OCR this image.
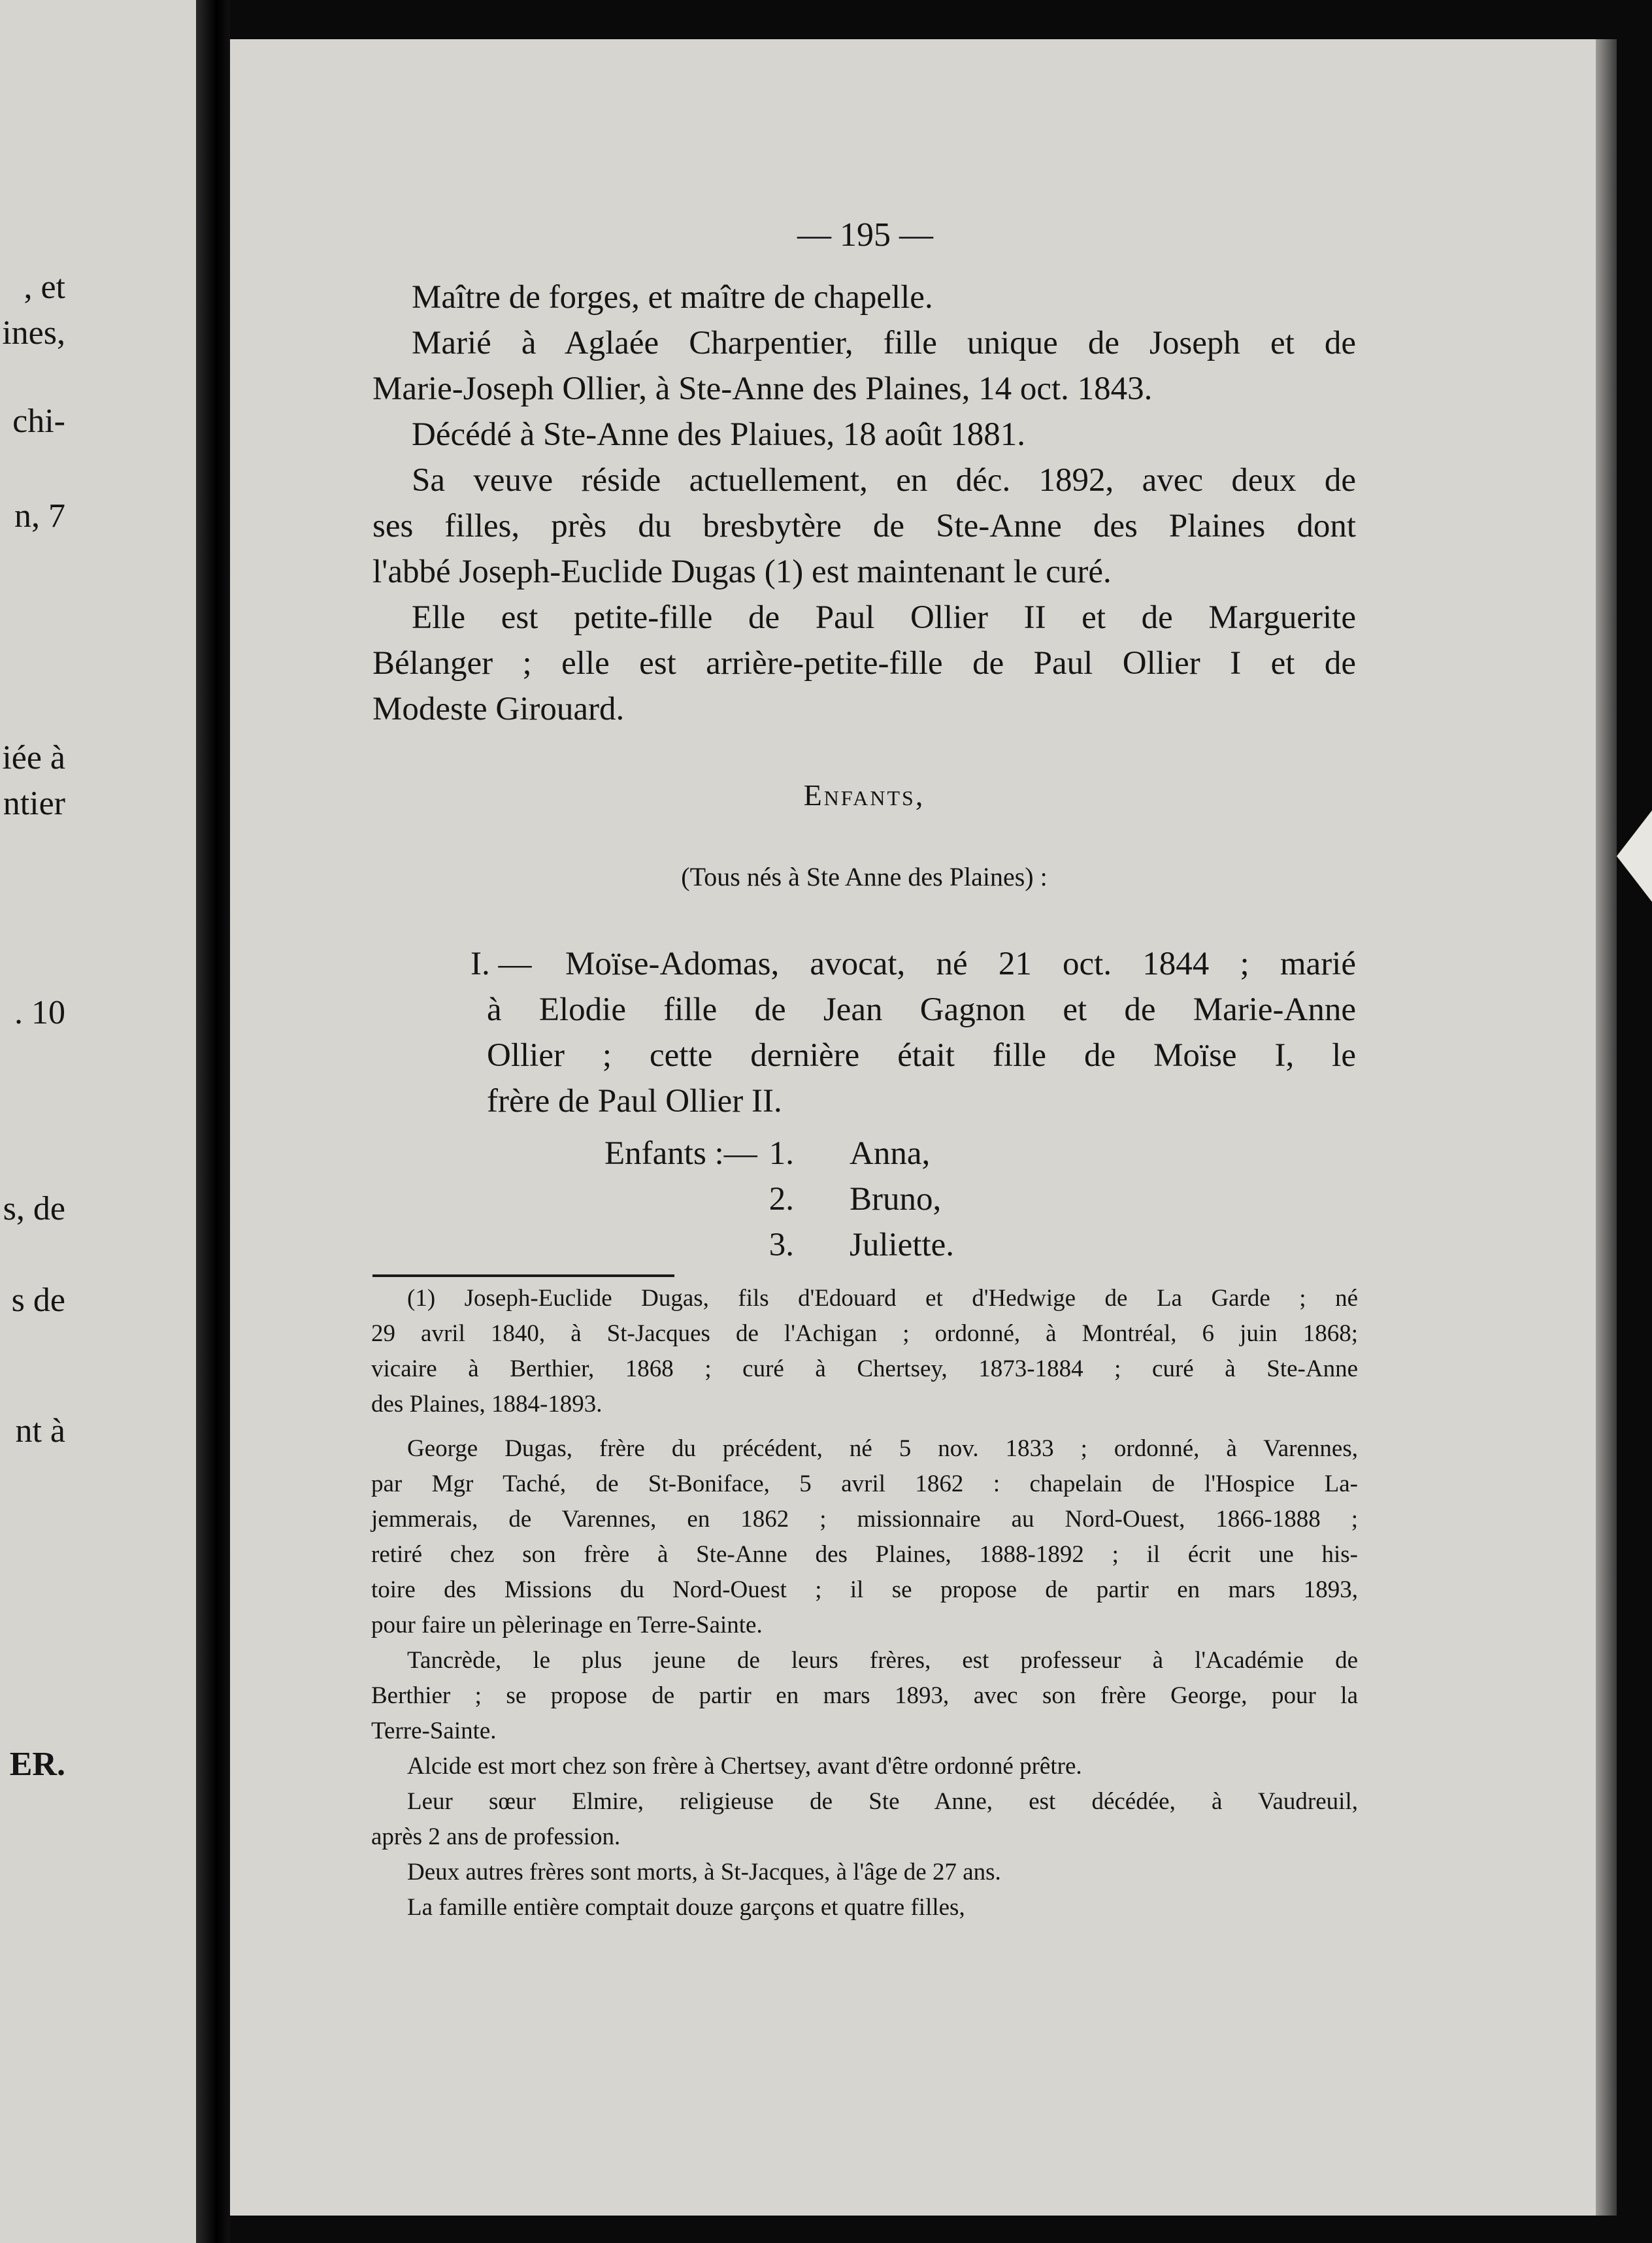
, et
ines,
chi-
n, 7
iée à
ntier
. 10
s, de
s de
nt à
ER.
— 195 —
Maître de forges, et maître de chapelle.
Marié à Aglaée Charpentier, fille unique de Joseph et de
Marie-Joseph Ollier, à Ste-Anne des Plaines, 14 oct. 1843.
Décédé à Ste-Anne des Plaiues, 18 août 1881.
Sa veuve réside actuellement, en déc. 1892, avec deux de
ses filles, près du bresbytère de Ste-Anne des Plaines dont
l'abbé Joseph-Euclide Dugas (1) est maintenant le curé.
Elle est petite-fille de Paul Ollier II et de Marguerite
Bélanger ; elle est arrière-petite-fille de Paul Ollier I et de
Modeste Girouard.
Enfants,
(Tous nés à Ste Anne des Plaines) :
I. — Moïse-Adomas, avocat, né 21 oct. 1844 ; marié
à Elodie fille de Jean Gagnon et de Marie-Anne
Ollier ; cette dernière était fille de Moïse I, le
frère de Paul Ollier II.
Enfants :— 1. Anna,
2. Bruno,
3. Juliette.
(1) Joseph-Euclide Dugas, fils d'Edouard et d'Hedwige de La Garde ; né
29 avril 1840, à St-Jacques de l'Achigan ; ordonné, à Montréal, 6 juin 1868;
vicaire à Berthier, 1868 ; curé à Chertsey, 1873-1884 ; curé à Ste-Anne
des Plaines, 1884-1893.
George Dugas, frère du précédent, né 5 nov. 1833 ; ordonné, à Varennes,
par Mgr Taché, de St-Boniface, 5 avril 1862 : chapelain de l'Hospice La-
jemmerais, de Varennes, en 1862 ; missionnaire au Nord-Ouest, 1866-1888 ;
retiré chez son frère à Ste-Anne des Plaines, 1888-1892 ; il écrit une his-
toire des Missions du Nord-Ouest ; il se propose de partir en mars 1893,
pour faire un pèlerinage en Terre-Sainte.
Tancrède, le plus jeune de leurs frères, est professeur à l'Académie de
Berthier ; se propose de partir en mars 1893, avec son frère George, pour la
Terre-Sainte.
Alcide est mort chez son frère à Chertsey, avant d'être ordonné prêtre.
Leur sœur Elmire, religieuse de Ste Anne, est décédée, à Vaudreuil,
après 2 ans de profession.
Deux autres frères sont morts, à St-Jacques, à l'âge de 27 ans.
La famille entière comptait douze garçons et quatre filles,
